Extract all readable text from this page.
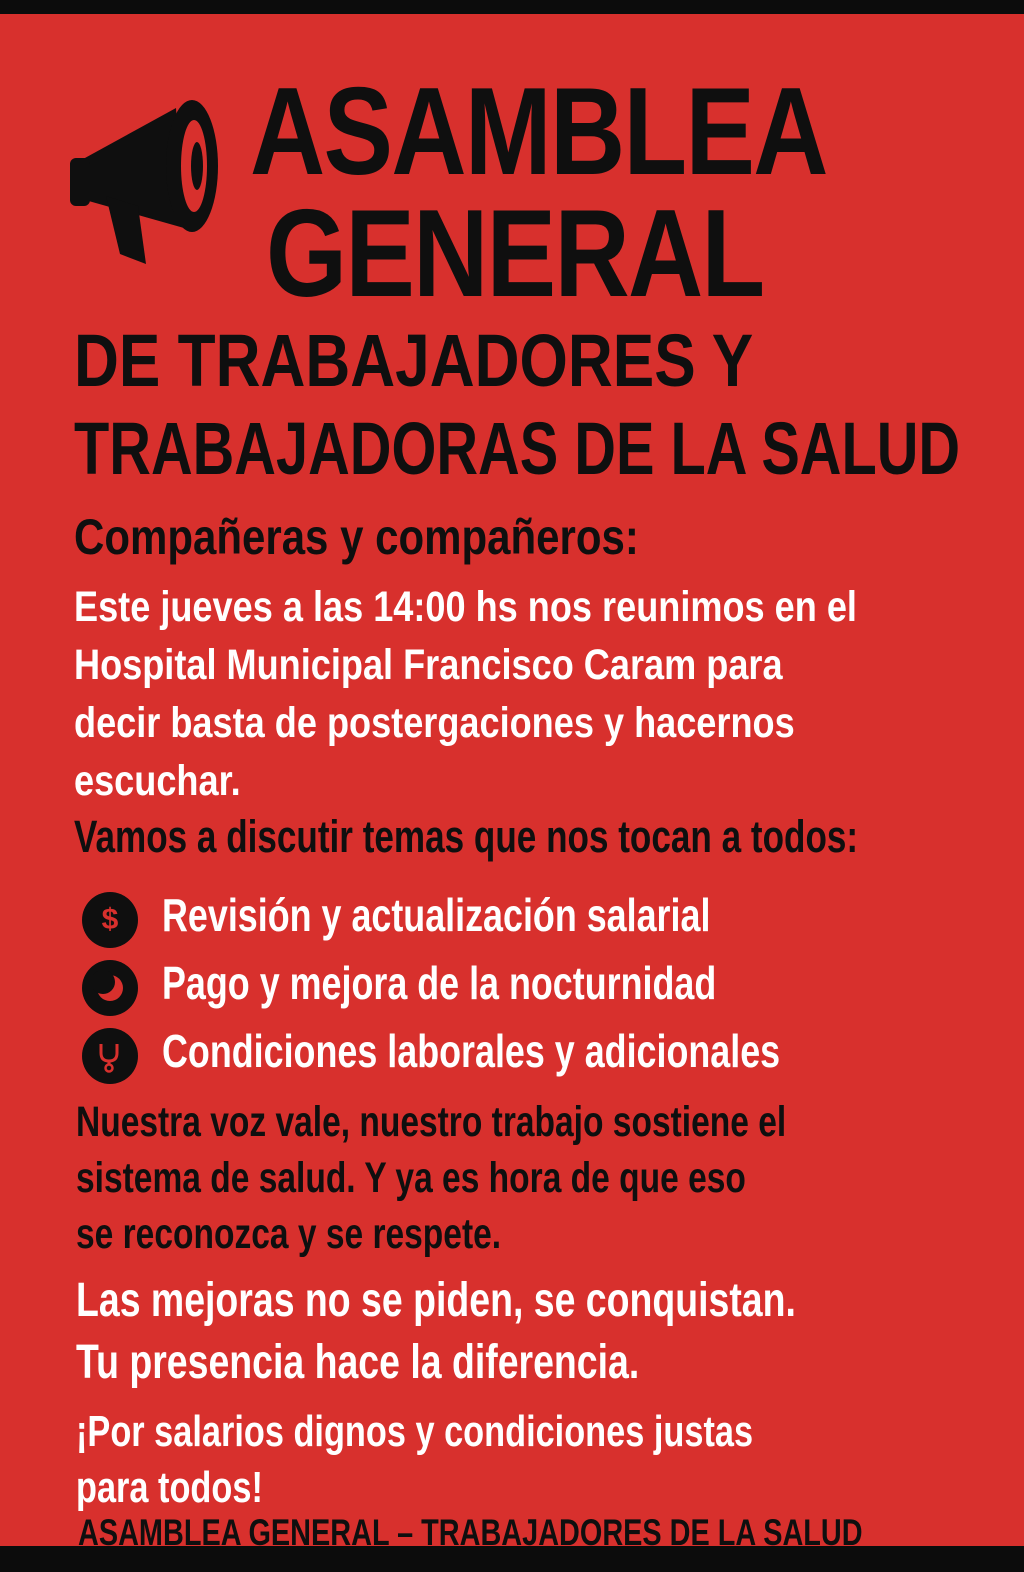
ASAMBLEA
GENERAL
DE TRABAJADORES Y
TRABAJADORAS DE LA SALUD
Compañeras y compañeros:
Este jueves a las 14:00 hs nos reunimos en el
Hospital Municipal Francisco Caram para
decir basta de postergaciones y hacernos
escuchar.
Vamos a discutir temas que nos tocan a todos:
$ Revisión y actualización salarial
Pago y mejora de la nocturnidad
Condiciones laborales y adicionales
Nuestra voz vale, nuestro trabajo sostiene el
sistema de salud. Y ya es hora de que eso
se reconozca y se respete.
Las mejoras no se piden, se conquistan.
Tu presencia hace la diferencia.
¡Por salarios dignos y condiciones justas
para todos!
ASAMBLEA GENERAL – TRABAJADORES DE LA SALUD
